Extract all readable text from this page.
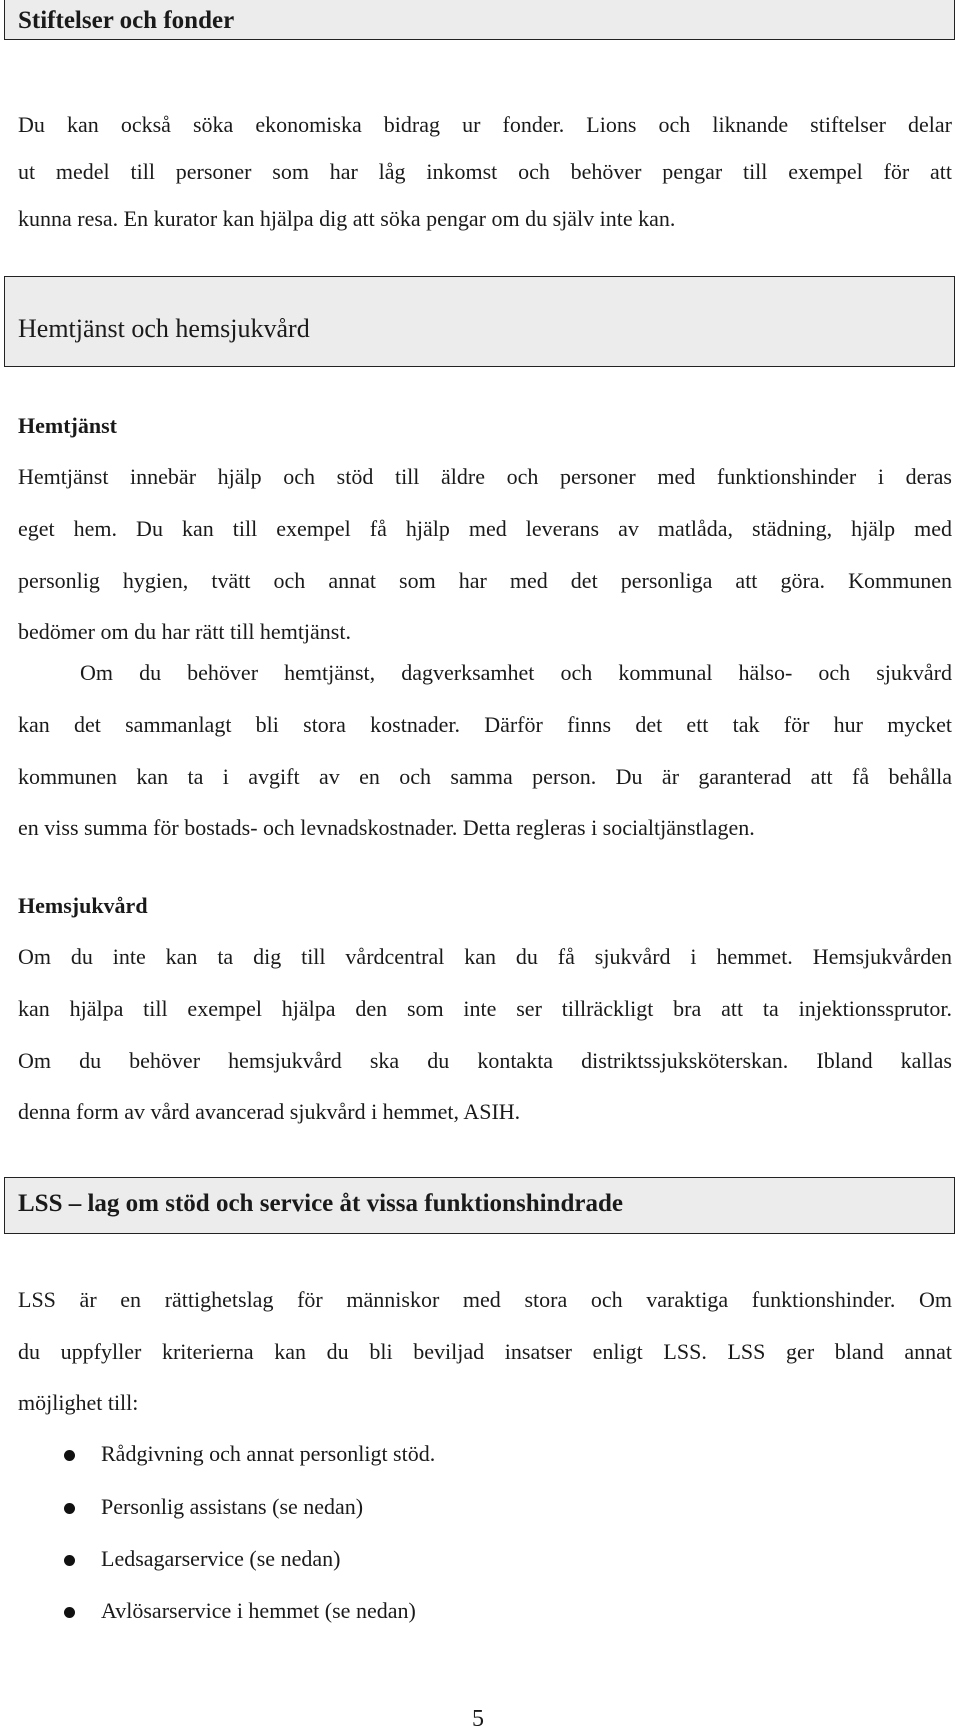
Stiftelser och fonder
Du kan också söka ekonomiska bidrag ur fonder. Lions och liknande stiftelser delar
ut medel till personer som har låg inkomst och behöver pengar till exempel för att
kunna resa. En kurator kan hjälpa dig att söka pengar om du själv inte kan.
Hemtjänst och hemsjukvård
Hemtjänst
Hemtjänst innebär hjälp och stöd till äldre och personer med funktionshinder i deras
eget hem. Du kan till exempel få hjälp med leverans av matlåda, städning, hjälp med
personlig hygien, tvätt och annat som har med det personliga att göra. Kommunen
bedömer om du har rätt till hemtjänst.
Om du behöver hemtjänst, dagverksamhet och kommunal hälso- och sjukvård
kan det sammanlagt bli stora kostnader. Därför finns det ett tak för hur mycket
kommunen kan ta i avgift av en och samma person. Du är garanterad att få behålla
en viss summa för bostads- och levnadskostnader. Detta regleras i socialtjänstlagen.
Hemsjukvård
Om du inte kan ta dig till vårdcentral kan du få sjukvård i hemmet. Hemsjukvården
kan hjälpa till exempel hjälpa den som inte ser tillräckligt bra att ta injektionssprutor.
Om du behöver hemsjukvård ska du kontakta distriktssjuksköterskan. Ibland kallas
denna form av vård avancerad sjukvård i hemmet, ASIH.
LSS – lag om stöd och service åt vissa funktionshindrade
LSS är en rättighetslag för människor med stora och varaktiga funktionshinder. Om
du uppfyller kriterierna kan du bli beviljad insatser enligt LSS. LSS ger bland annat
möjlighet till:
Rådgivning och annat personligt stöd.
Personlig assistans (se nedan)
Ledsagarservice (se nedan)
Avlösarservice i hemmet (se nedan)
5
